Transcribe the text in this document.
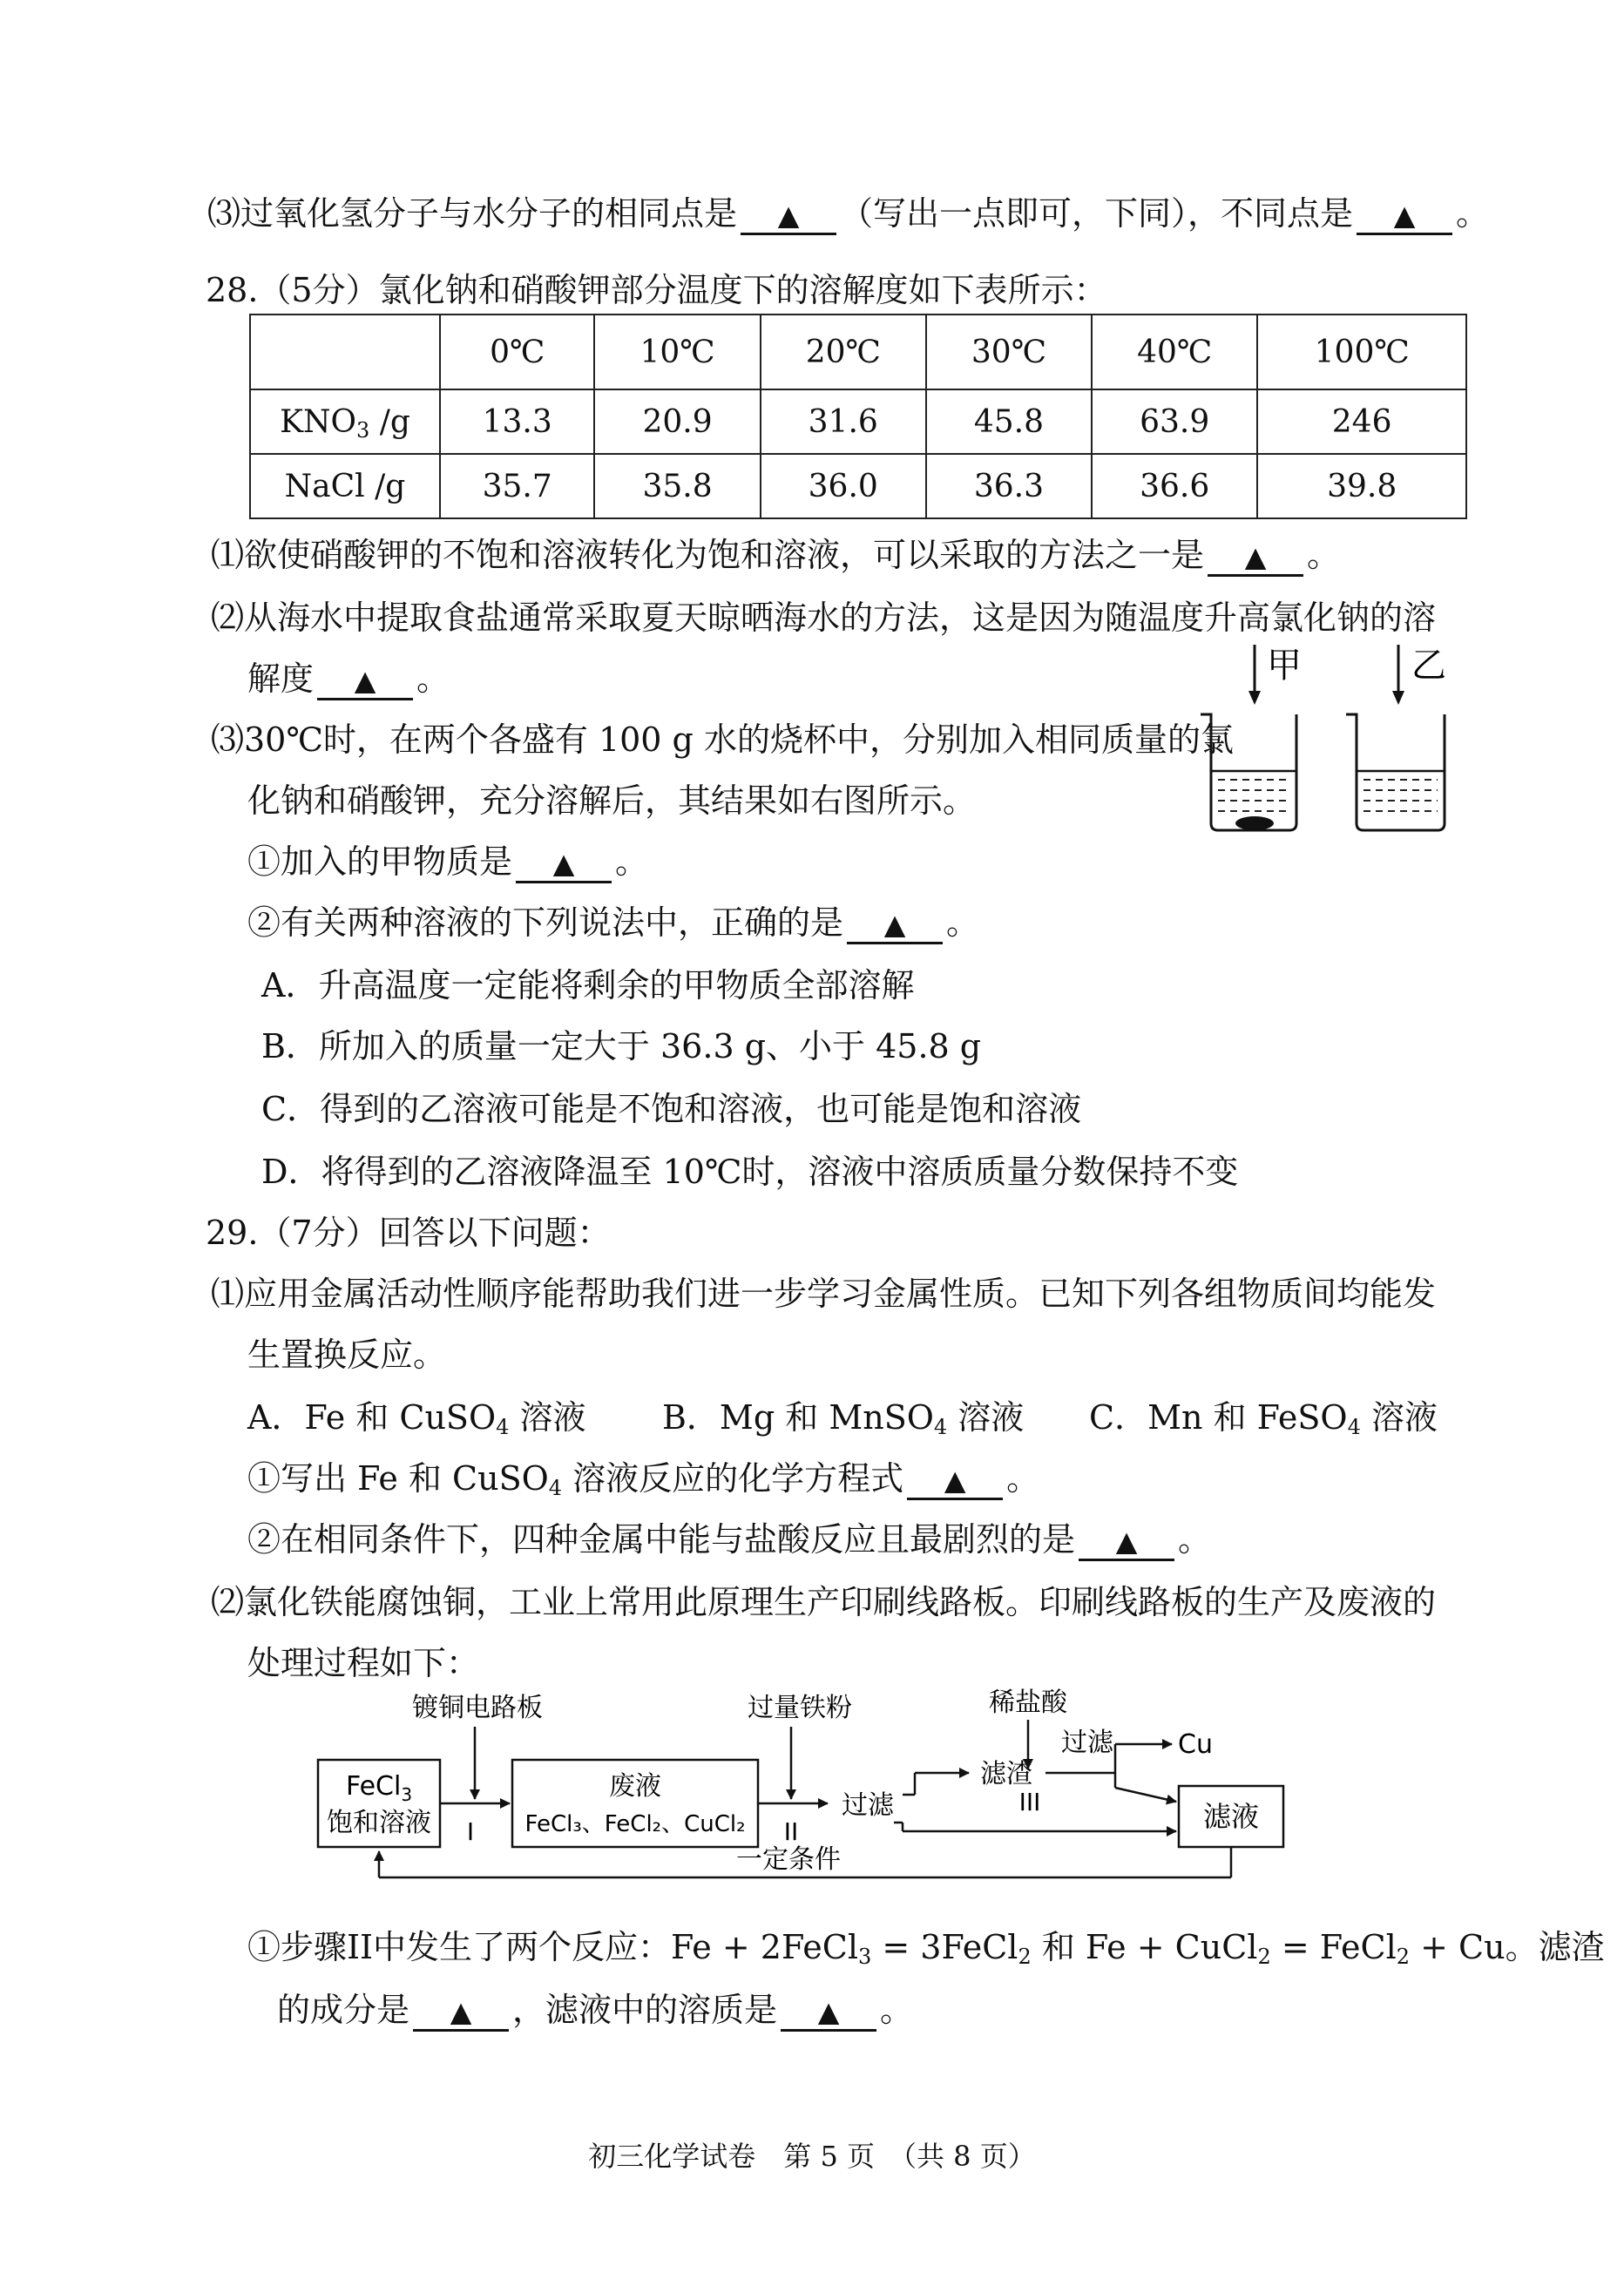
⑶过氧化氢分子与水分子的相同点是 ▲ （写出一点即可，下同），不同点是 ▲ 。
28.（5分）氯化钠和硝酸钾部分温度下的溶解度如下表所示：
	0℃	10℃	20℃	30℃	40℃	100℃
$KNO_3$ /g	13.3	20.9	31.6	45.8	63.9	246
NaCl /g	35.7	35.8	36.0	36.3	36.6	39.8
⑴欲使硝酸钾的不饱和溶液转化为饱和溶液，可以采取的方法之一是 ▲ 。
⑵从海水中提取食盐通常采取夏天晾晒海水的方法，这是因为随温度升高氯化钠的溶
解度 ▲ 。
⑶30℃时，在两个各盛有 100 g 水的烧杯中，分别加入相同质量的氯
化钠和硝酸钾，充分溶解后，其结果如右图所示。
甲	乙
①加入的甲物质是 ▲ 。
②有关两种溶液的下列说法中，正确的是 ▲ 。
A．升高温度一定能将剩余的甲物质全部溶解
B．所加入的质量一定大于 36.3 g、小于 45.8 g
C．得到的乙溶液可能是不饱和溶液，也可能是饱和溶液
D．将得到的乙溶液降温至 10℃时，溶液中溶质质量分数保持不变
29.（7分）回答以下问题：
⑴应用金属活动性顺序能帮助我们进一步学习金属性质。已知下列各组物质间均能发
生置换反应。
A．Fe 和 CuSO$_4$ 溶液 B．Mg 和 MnSO$_4$ 溶液 C．Mn 和 FeSO$_4$ 溶液
①写出 Fe 和 CuSO$_4$ 溶液反应的化学方程式 ▲ 。
②在相同条件下，四种金属中能与盐酸反应且最剧烈的是 ▲ 。
⑵氯化铁能腐蚀铜，工业上常用此原理生产印刷线路板。印刷线路板的生产及废液的
处理过程如下：
FeCl$_3$
饱和溶液 I
镀铜电路板
废液
FeCl₃、FeCl₂、CuCl₂ II
过量铁粉
过滤
滤渣
稀盐酸
III
过滤 Cu
滤液
一定条件
①步骤II中发生了两个反应：Fe + 2FeCl$_3$ = 3FeCl$_2$ 和 Fe + CuCl$_2$ = FeCl$_2$ + Cu。滤渣
的成分是 ▲ ，滤液中的溶质是 ▲ 。
初三化学试卷　第 5 页　（共 8 页）
